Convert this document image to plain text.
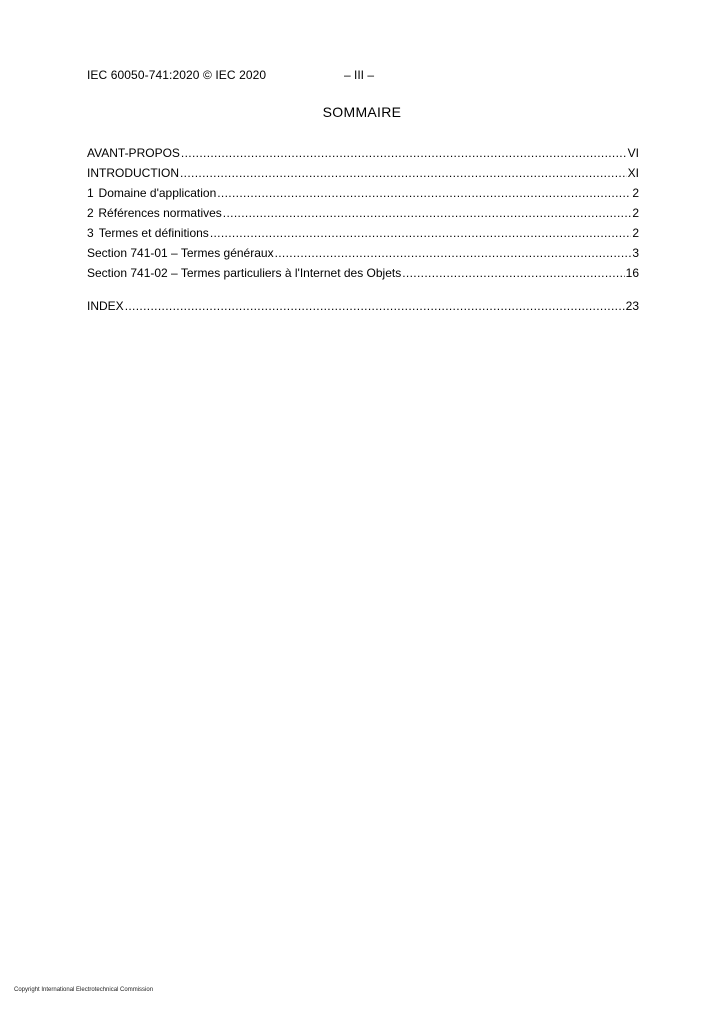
IEC 60050-741:2020 © IEC 2020	– III –
SOMMAIRE
AVANT-PROPOS .....	VI
INTRODUCTION .....	XI
1 Domaine d'application .....	2
2 Références normatives .....	2
3 Termes et définitions .....	2
Section 741-01 – Termes généraux .....	3
Section 741-02 – Termes particuliers à l'Internet des Objets .....	16
INDEX .....	23
Copyright International Electrotechnical Commission
